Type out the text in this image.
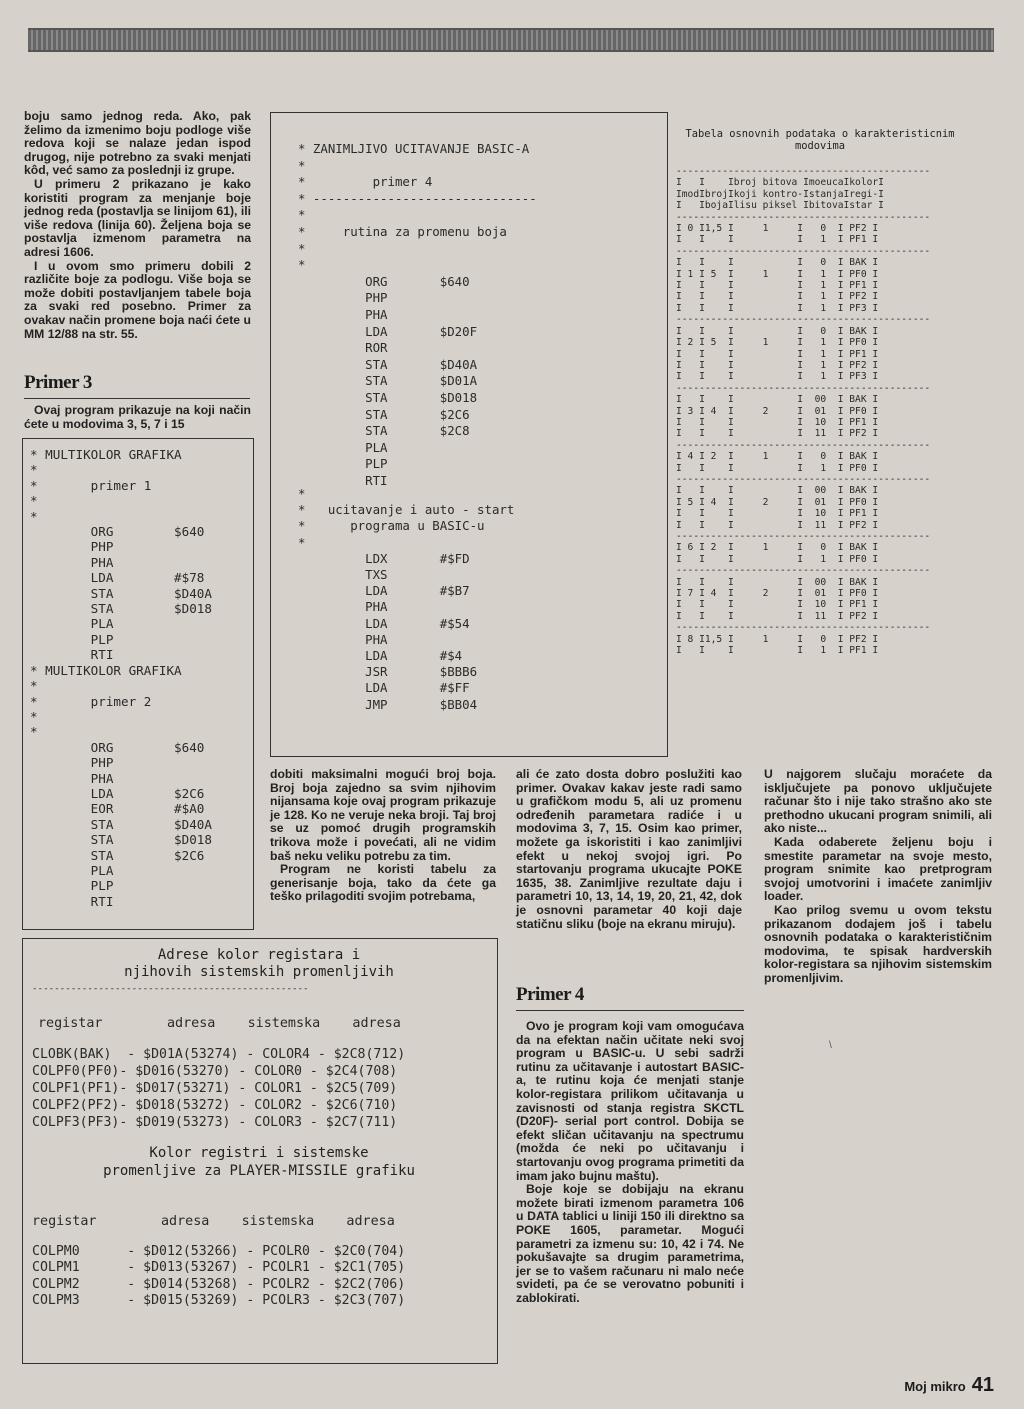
boju samo jednog reda. Ako, pak želimo da izmenimo boju podloge više redova koji se nalaze jedan ispod drugog, nije potrebno za svaki menjati kôd, već samo za poslednji iz grupe.

U primeru 2 prikazano je kako koristiti program za menjanje boje jednog reda (postavlja se linijom 61), ili više redova (linija 60). Željena boja se postavlja izmenom parametra na adresi 1606.

I u ovom smo primeru dobili 2 različite boje za podlogu. Više boja se može dobiti postavljanjem tabele boja za svaki red posebno. Primer za ovakav način promene boja naći ćete u MM 12/88 na str. 55.

Primer 3

Ovaj program prikazuje na koji način ćete u modovima 3, 5, 7 i 15

* MULTIKOLOR GRAFIKA
*
*       primer 1
*
*
ORG        $640
PHP
PHA
LDA        #$78
STA        $D40A
STA        $D018
PLA
PLP
RTI
* MULTIKOLOR GRAFIKA
*
*       primer 2
*
*
ORG        $640
PHP
PHA
LDA        $2C6
EOR        #$A0
STA        $D40A
STA        $D018
STA        $2C6
PLA
PLP
RTI
* ZANIMLJIVO UCITAVANJE BASIC-A
*
*         primer 4
* ------------------------------
*
*     rutina za promenu boja
*
*
ORG       $640
PHP
PHA
LDA       $D20F
ROR
STA       $D40A
STA       $D01A
STA       $D018
STA       $2C6
STA       $2C8
PLA
PLP
RTI
*
*   ucitavanje i auto - start
*      programa u BASIC-u
*
LDX       #$FD
TXS
LDA       #$B7
PHA
LDA       #$54
PHA
LDA       #$4
JSR       $BBB6
LDA       #$FF
JMP       $BB04
Tabela osnovnih podataka o karakteristicnim modovima
--------------------------------------------
I   I    Ibroj bitova ImoeucaIkolorI
ImodIbrojIkoji kontro-IstanjaIregi-I
I   IbojaIlisu piksel IbitovaIstar I
--------------------------------------------
I 0 I1,5 I     1     I   0  I PF2 I
I   I    I           I   1  I PF1 I
--------------------------------------------
I   I    I           I   0  I BAK I
I 1 I 5  I     1     I   1  I PF0 I
I   I    I           I   1  I PF1 I
I   I    I           I   1  I PF2 I
I   I    I           I   1  I PF3 I
--------------------------------------------
I   I    I           I   0  I BAK I
I 2 I 5  I     1     I   1  I PF0 I
I   I    I           I   1  I PF1 I
I   I    I           I   1  I PF2 I
I   I    I           I   1  I PF3 I
--------------------------------------------
I   I    I           I  00  I BAK I
I 3 I 4  I     2     I  01  I PF0 I
I   I    I           I  10  I PF1 I
I   I    I           I  11  I PF2 I
--------------------------------------------
I 4 I 2  I     1     I   0  I BAK I
I   I    I           I   1  I PF0 I
--------------------------------------------
I   I    I           I  00  I BAK I
I 5 I 4  I     2     I  01  I PF0 I
I   I    I           I  10  I PF1 I
I   I    I           I  11  I PF2 I
--------------------------------------------
I 6 I 2  I     1     I   0  I BAK I
I   I    I           I   1  I PF0 I
--------------------------------------------
I   I    I           I  00  I BAK I
I 7 I 4  I     2     I  01  I PF0 I
I   I    I           I  10  I PF1 I
I   I    I           I  11  I PF2 I
--------------------------------------------
I 8 I1,5 I     1     I   0  I PF2 I
I   I    I           I   1  I PF1 I

dobiti maksimalni mogući broj boja. Broj boja zajedno sa svim njihovim nijansama koje ovaj program prikazuje je 128. Ko ne veruje neka broji. Taj broj se uz pomoć drugih programskih trikova može i povećati, ali ne vidim baš neku veliku potrebu za tim.

Program ne koristi tabelu za generisanje boja, tako da ćete ga teško prilagoditi svojim potrebama,

ali će zato dosta dobro poslužiti kao primer. Ovakav kakav jeste radi samo u grafičkom modu 5, ali uz promenu određenih parametara radiće i u modovima 3, 7, 15. Osim kao primer, možete ga iskoristiti i kao zanimljivi efekt u nekoj svojoj igri. Po startovanju programa ukucajte POKE 1635, 38. Zanimljive rezultate daju i parametri 10, 13, 14, 19, 20, 21, 42, dok je osnovni parametar 40 koji daje statičnu sliku (boje na ekranu miruju).

Primer 4

Ovo je program koji vam omogućava da na efektan način učitate neki svoj program u BASIC-u. U sebi sadrži rutinu za učitavanje i autostart BASIC-a, te rutinu koja će menjati stanje kolor-registara prilikom učitavanja u zavisnosti od stanja registra SKCTL (D20F)- serial port control. Dobija se efekt sličan učitavanju na spectrumu (možda će neki po učitavanju i startovanju ovog programa primetiti da imam jako bujnu maštu).

Boje koje se dobijaju na ekranu možete birati izmenom parametra 106 u DATA tablici u liniji 150 ili direktno sa POKE 1605, parametar. Mogući parametri za izmenu su: 10, 42 i 74. Ne pokušavajte sa drugim parametrima, jer se to vašem računaru ni malo neće svideti, pa će se verovatno pobuniti i zablokirati.

U najgorem slučaju moraćete da isključujete pa ponovo uključujete računar što i nije tako strašno ako ste prethodno ukucani program snimili, ali ako niste...

Kada odaberete željenu boju i smestite parametar na svoje mesto, program snimite kao pretprogram svojoj umotvorini i imaćete zanimljiv loader.

Kao prilog svemu u ovom tekstu prikazanom dodajem još i tabelu osnovnih podataka o karakterističnim modovima, te spisak hardverskih kolor-registara sa njihovim sistemskim promenljivim.

\
Adrese kolor registara i
njihovih sistemskih promenljivih
--------------------------------------------------
registar        adresa    sistemska    adresa
CLOBK(BAK)  - $D01A(53274) - COLOR4 - $2C8(712)
COLPF0(PF0)- $D016(53270) - COLOR0 - $2C4(708)
COLPF1(PF1)- $D017(53271) - COLOR1 - $2C5(709)
COLPF2(PF2)- $D018(53272) - COLOR2 - $2C6(710)
COLPF3(PF3)- $D019(53273) - COLOR3 - $2C7(711)
Kolor registri i sistemske
promenljive za PLAYER-MISSILE grafiku
registar        adresa    sistemska    adresa
COLPM0      - $D012(53266) - PCOLR0 - $2C0(704)
COLPM1      - $D013(53267) - PCOLR1 - $2C1(705)
COLPM2      - $D014(53268) - PCOLR2 - $2C2(706)
COLPM3      - $D015(53269) - PCOLR3 - $2C3(707)
Moj mikro 41
